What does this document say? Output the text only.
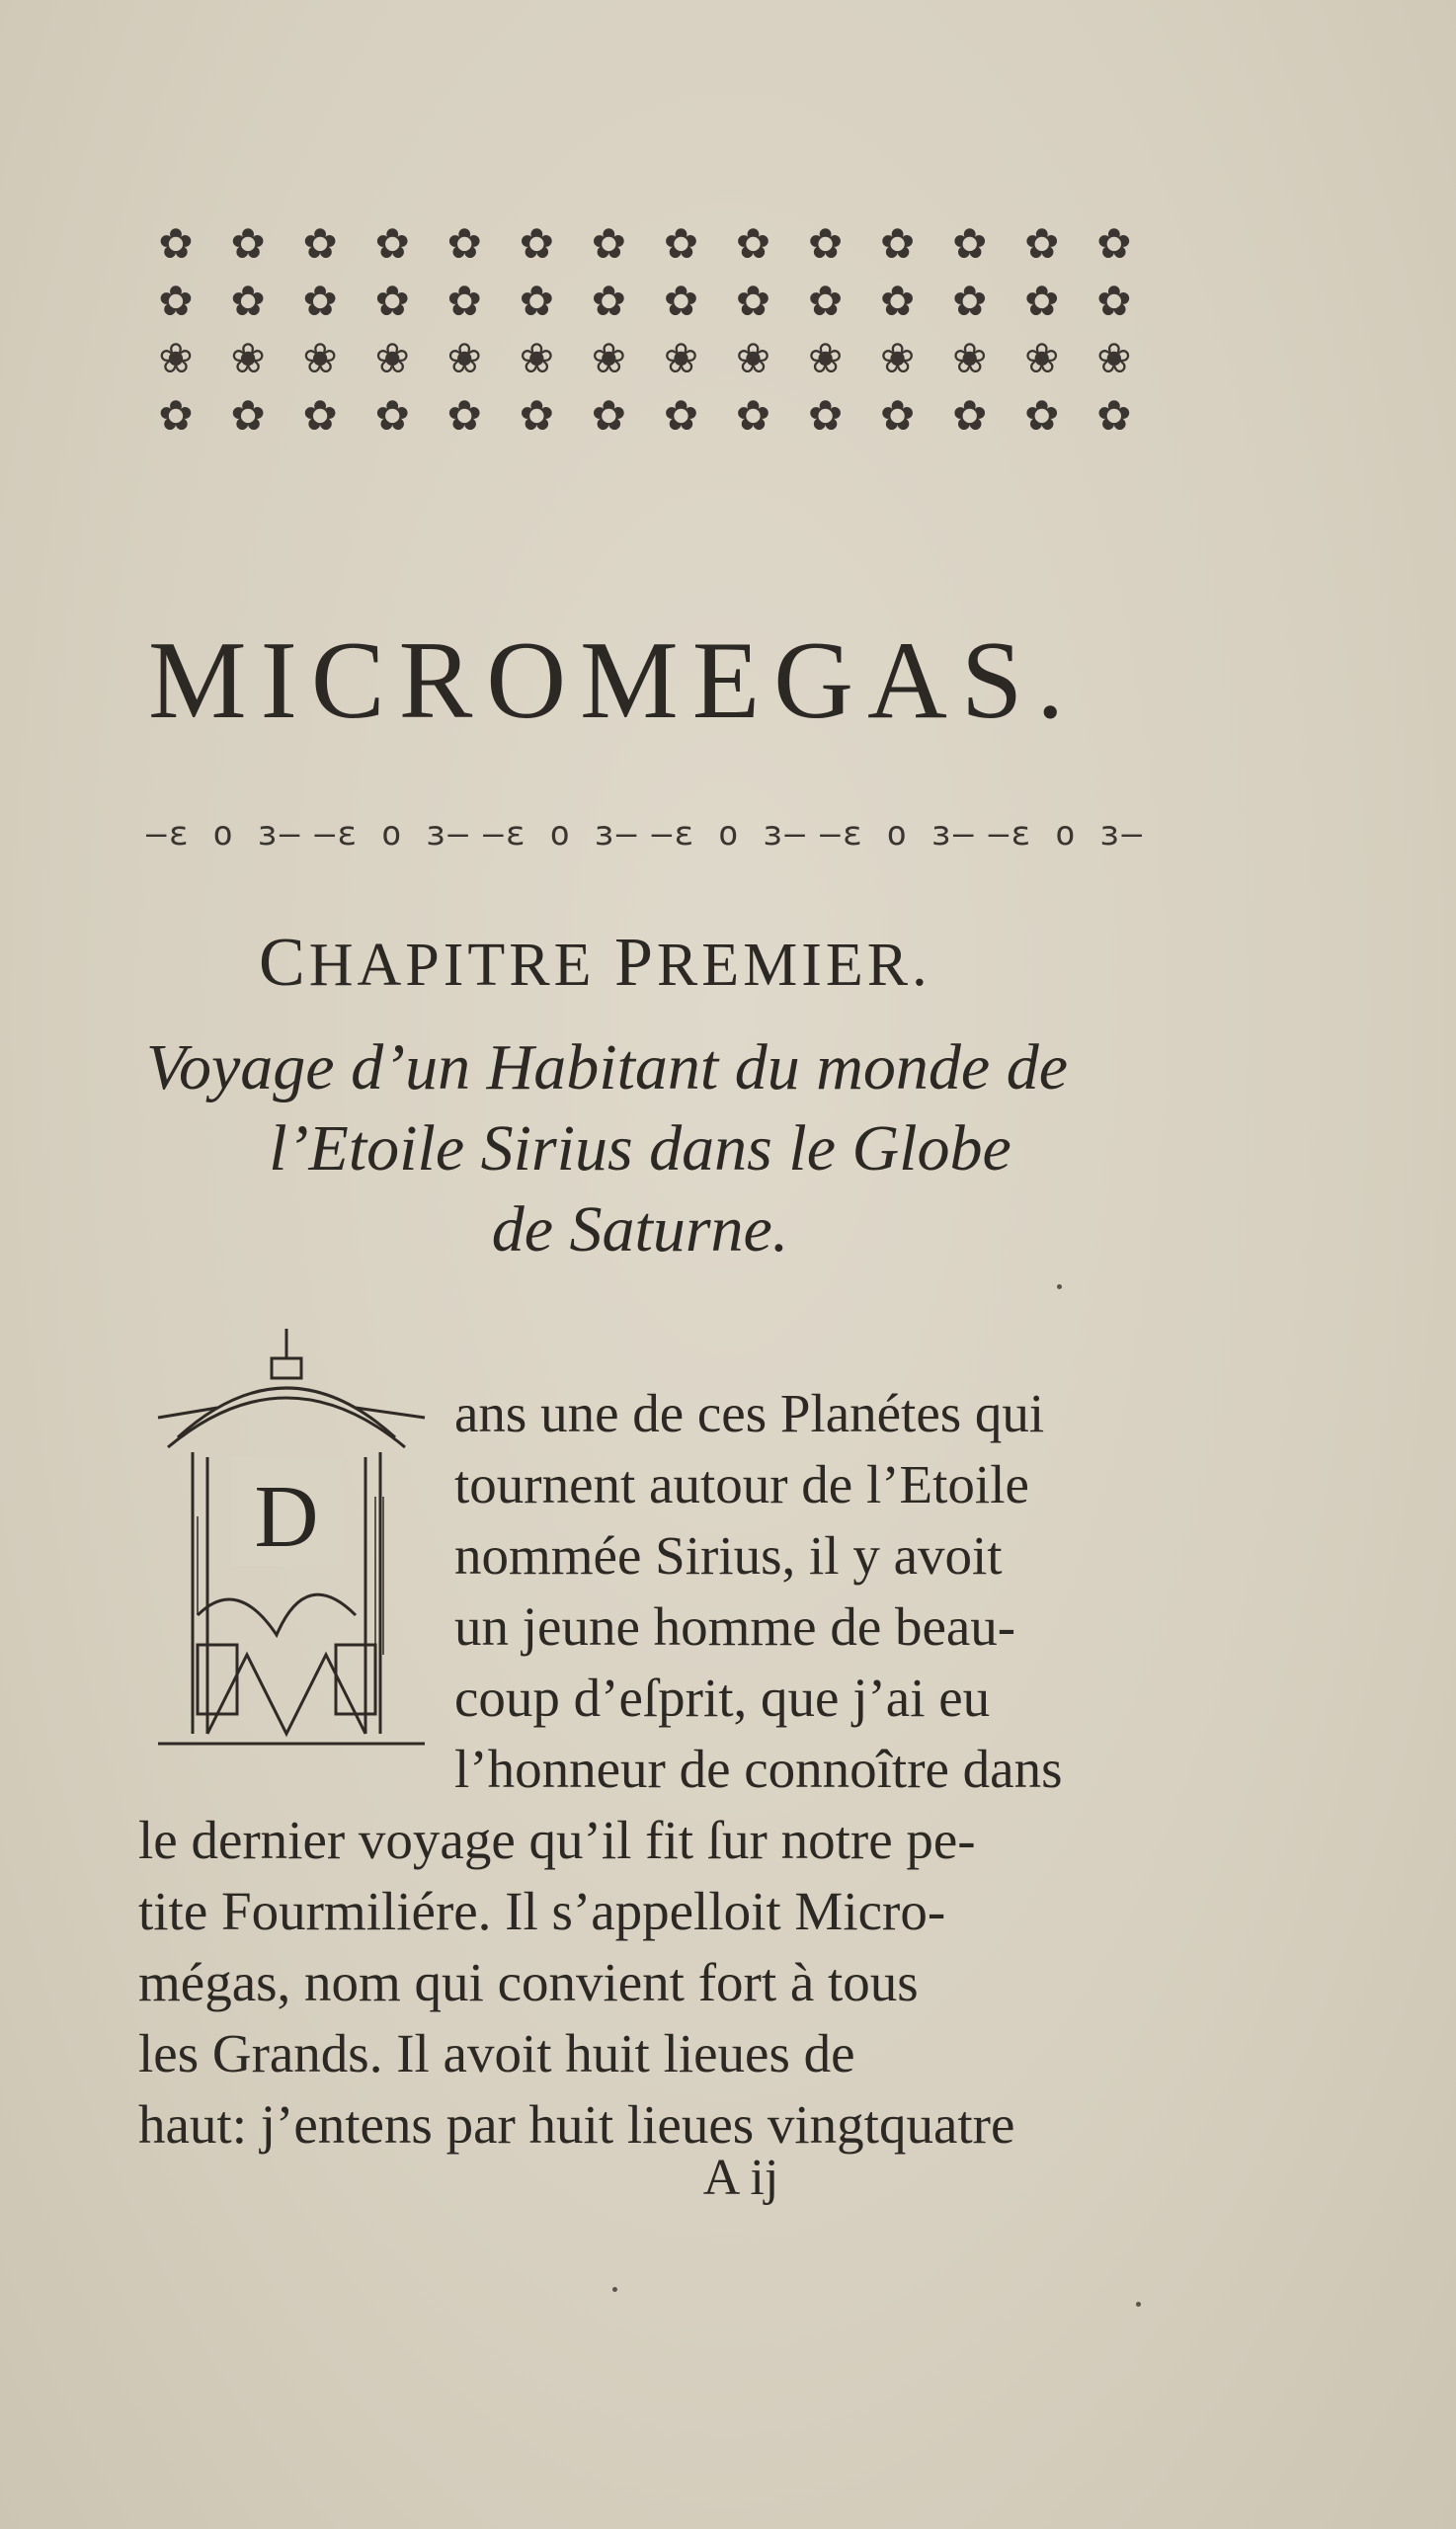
✿ ✿ ✿ ✿ ✿ ✿ ✿ ✿ ✿ ✿ ✿ ✿ ✿ ✿
✿ ✿ ✿ ✿ ✿ ✿ ✿ ✿ ✿ ✿ ✿ ✿ ✿ ✿
❀ ❀ ❀ ❀ ❀ ❀ ❀ ❀ ❀ ❀ ❀ ❀ ❀ ❀
✿ ✿ ✿ ✿ ✿ ✿ ✿ ✿ ✿ ✿ ✿ ✿ ✿ ✿
MICROMEGAS.
—ε ο з— —ε ο з— —ε ο з— —ε ο з— —ε ο з— —ε ο з—
CHAPITRE PREMIER.
Voyage d’un Habitant du monde de
l’Etoile Sirius dans le Globe
de Saturne.
D
ans une de ces Planétes qui
tournent autour de l’Etoile
nommée Sirius, il y avoit
un jeune homme de beau-
coup d’eſprit, que j’ai eu
l’honneur de connoître dans
le dernier voyage qu’il fit ſur notre pe-
tite Fourmiliére. Il s’appelloit Micro-
mégas, nom qui convient fort à tous
les Grands. Il avoit huit lieues de
haut: j’entens par huit lieues vingtquatre
A ij
